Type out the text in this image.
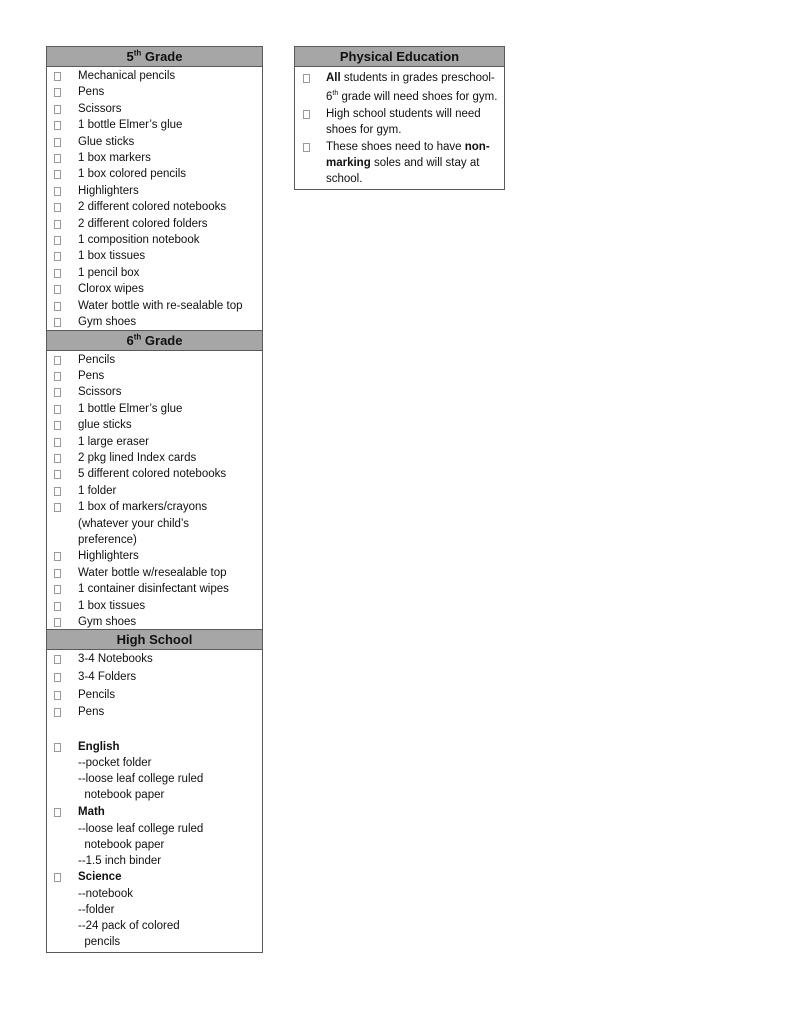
5th Grade
Mechanical pencils
Pens
Scissors
1 bottle Elmer’s glue
Glue sticks
1 box markers
1 box colored pencils
Highlighters
2 different colored notebooks
2 different colored folders
1 composition notebook
1 box tissues
1 pencil box
Clorox wipes
Water bottle with re-sealable top
Gym shoes
6th Grade
Pencils
Pens
Scissors
1 bottle Elmer’s glue
glue sticks
1 large eraser
2 pkg lined Index cards
5 different colored notebooks
1 folder
1 box of markers/crayons
(whatever your child’s
preference)
Highlighters
Water bottle w/resealable top
1 container disinfectant wipes
1 box tissues
Gym shoes
High School
3-4 Notebooks
3-4 Folders
Pencils
Pens
English
--pocket folder
--loose leaf college ruled
notebook paper
Math
--loose leaf college ruled
notebook paper
--1.5 inch binder
Science
--notebook
--folder
--24 pack of colored
pencils
Physical Education
All students in grades preschool-6th grade will need shoes for gym.
High school students will need shoes for gym.
These shoes need to have non-marking soles and will stay at school.
